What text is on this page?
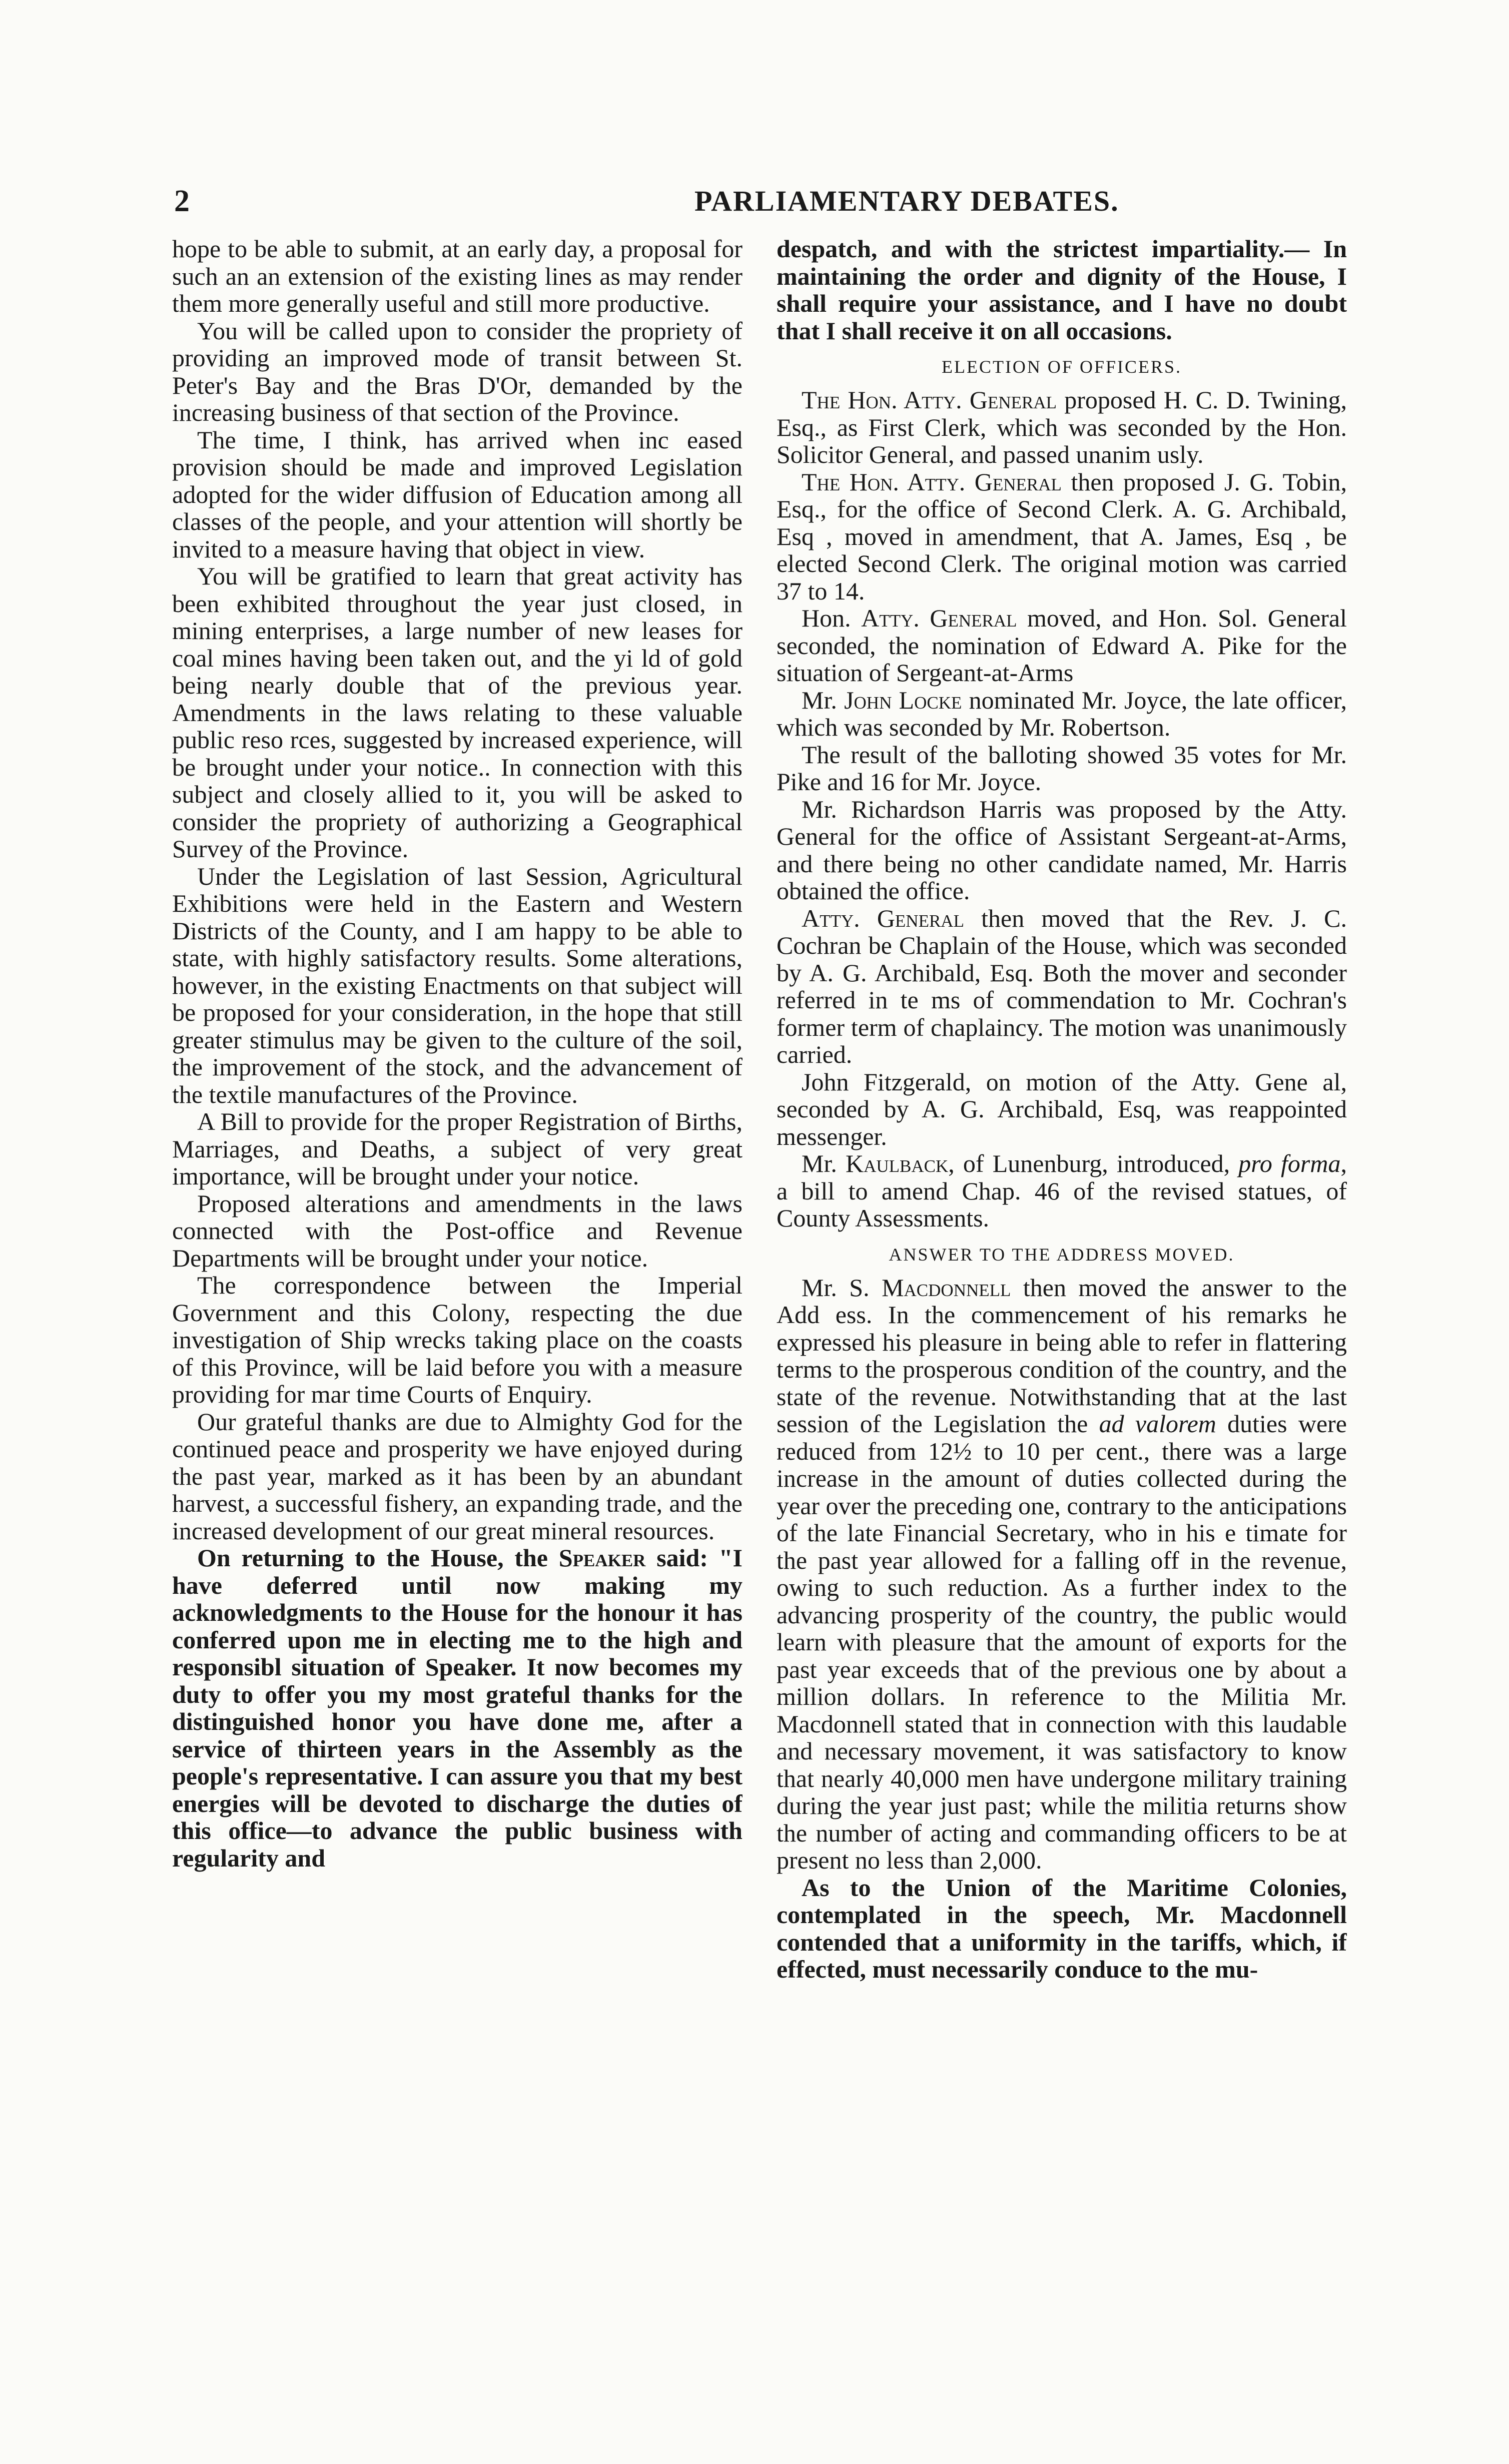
2	PARLIAMENTARY DEBATES.

hope to be able to submit, at an early day, a proposal for such an an extension of the existing lines as may render them more generally useful and still more productive.

You will be called upon to consider the propriety of providing an improved mode of transit between St. Peter's Bay and the Bras D'Or, demanded by the increasing business of that section of the Province.

The time, I think, has arrived when inc eased provision should be made and improved Legislation adopted for the wider diffusion of Education among all classes of the people, and your attention will shortly be invited to a measure having that object in view.

You will be gratified to learn that great activity has been exhibited throughout the year just closed, in mining enterprises, a large number of new leases for coal mines having been taken out, and the yi ld of gold being nearly double that of the previous year. Amendments in the laws relating to these valuable public reso rces, suggested by increased experience, will be brought under your notice.. In connection with this subject and closely allied to it, you will be asked to consider the propriety of authorizing a Geographical Survey of the Province.

Under the Legislation of last Session, Agricultural Exhibitions were held in the Eastern and Western Districts of the County, and I am happy to be able to state, with highly satisfactory results. Some alterations, however, in the existing Enactments on that subject will be proposed for your consideration, in the hope that still greater stimulus may be given to the culture of the soil, the improvement of the stock, and the advancement of the textile manufactures of the Province.

A Bill to provide for the proper Registration of Births, Marriages, and Deaths, a subject of very great importance, will be brought under your notice.

Proposed alterations and amendments in the laws connected with the Post-office and Revenue Departments will be brought under your notice.

The correspondence between the Imperial Government and this Colony, respecting the due investigation of Ship wrecks taking place on the coasts of this Province, will be laid before you with a measure providing for mar time Courts of Enquiry.

Our grateful thanks are due to Almighty God for the continued peace and prosperity we have enjoyed during the past year, marked as it has been by an abundant harvest, a successful fishery, an expanding trade, and the increased development of our great mineral resources.

On returning to the House, the Speaker said: "I have deferred until now making my acknowledgments to the House for the honour it has conferred upon me in electing me to the high and responsibl situation of Speaker. It now becomes my duty to offer you my most grateful thanks for the distinguished honor you have done me, after a service of thirteen years in the Assembly as the people's representative. I can assure you that my best energies will be devoted to discharge the duties of this office—to advance the public business with regularity and

despatch, and with the strictest impartiality.— In maintaining the order and dignity of the House, I shall require your assistance, and I have no doubt that I shall receive it on all occasions.

ELECTION OF OFFICERS.

The Hon. Atty. General proposed H. C. D. Twining, Esq., as First Clerk, which was seconded by the Hon. Solicitor General, and passed unanim usly.

The Hon. Atty. General then proposed J. G. Tobin, Esq., for the office of Second Clerk. A. G. Archibald, Esq , moved in amendment, that A. James, Esq , be elected Second Clerk. The original motion was carried 37 to 14.

Hon. Atty. General moved, and Hon. Sol. General seconded, the nomination of Edward A. Pike for the situation of Sergeant-at-Arms

Mr. John Locke nominated Mr. Joyce, the late officer, which was seconded by Mr. Robertson.

The result of the balloting showed 35 votes for Mr. Pike and 16 for Mr. Joyce.

Mr. Richardson Harris was proposed by the Atty. General for the office of Assistant Sergeant-at-Arms, and there being no other candidate named, Mr. Harris obtained the office.

Atty. General then moved that the Rev. J. C. Cochran be Chaplain of the House, which was seconded by A. G. Archibald, Esq. Both the mover and seconder referred in te ms of commendation to Mr. Cochran's former term of chaplaincy. The motion was unanimously carried.

John Fitzgerald, on motion of the Atty. Gene al, seconded by A. G. Archibald, Esq, was reappointed messenger.

Mr. Kaulback, of Lunenburg, introduced, pro forma, a bill to amend Chap. 46 of the revised statues, of County Assessments.

ANSWER TO THE ADDRESS MOVED.

Mr. S. Macdonnell then moved the answer to the Add ess. In the commencement of his remarks he expressed his pleasure in being able to refer in flattering terms to the prosperous condition of the country, and the state of the revenue. Notwithstanding that at the last session of the Legislation the ad valorem duties were reduced from 12½ to 10 per cent., there was a large increase in the amount of duties collected during the year over the preceding one, contrary to the anticipations of the late Financial Secretary, who in his e timate for the past year allowed for a falling off in the revenue, owing to such reduction. As a further index to the advancing prosperity of the country, the public would learn with pleasure that the amount of exports for the past year exceeds that of the previous one by about a million dollars. In reference to the Militia Mr. Macdonnell stated that in connection with this laudable and necessary movement, it was satisfactory to know that nearly 40,000 men have undergone military training during the year just past; while the militia returns show the number of acting and commanding officers to be at present no less than 2,000.

As to the Union of the Maritime Colonies, contemplated in the speech, Mr. Macdonnell contended that a uniformity in the tariffs, which, if effected, must necessarily conduce to the mu-
